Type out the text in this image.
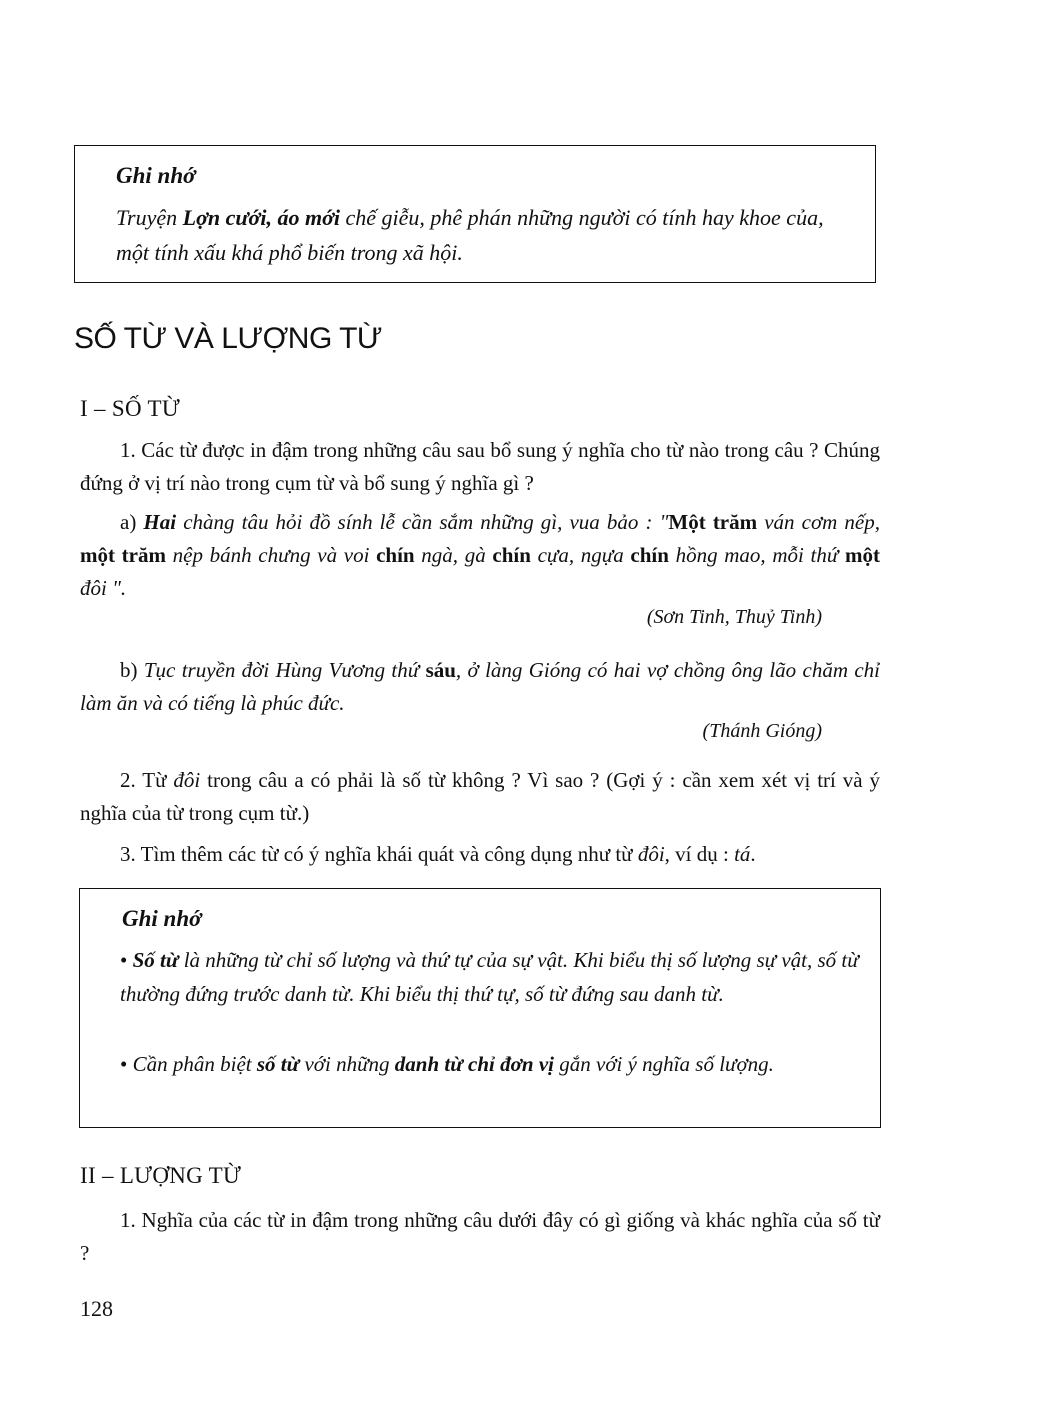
Ghi nhớ
Truyện Lợn cưới, áo mới chế giễu, phê phán những người có tính hay khoe của, một tính xấu khá phổ biến trong xã hội.
SỐ TỪ VÀ LƯỢNG TỪ
I – SỐ TỪ
1. Các từ được in đậm trong những câu sau bổ sung ý nghĩa cho từ nào trong câu ? Chúng đứng ở vị trí nào trong cụm từ và bổ sung ý nghĩa gì ?
a) Hai chàng tâu hỏi đồ sính lễ cần sắm những gì, vua bảo : "Một trăm ván cơm nếp, một trăm nệp bánh chưng và voi chín ngà, gà chín cựa, ngựa chín hồng mao, mỗi thứ một đôi ".
(Sơn Tinh, Thuỷ Tinh)
b) Tục truyền đời Hùng Vương thứ sáu, ở làng Gióng có hai vợ chồng ông lão chăm chỉ làm ăn và có tiếng là phúc đức.
(Thánh Gióng)
2. Từ đôi trong câu a có phải là số từ không ? Vì sao ? (Gợi ý : cần xem xét vị trí và ý nghĩa của từ trong cụm từ.)
3. Tìm thêm các từ có ý nghĩa khái quát và công dụng như từ đôi, ví dụ : tá.
Ghi nhớ
• Số từ là những từ chỉ số lượng và thứ tự của sự vật. Khi biểu thị số lượng sự vật, số từ thường đứng trước danh từ. Khi biểu thị thứ tự, số từ đứng sau danh từ.
• Cần phân biệt số từ với những danh từ chỉ đơn vị gắn với ý nghĩa số lượng.
II – LƯỢNG TỪ
1. Nghĩa của các từ in đậm trong những câu dưới đây có gì giống và khác nghĩa của số từ ?
128
